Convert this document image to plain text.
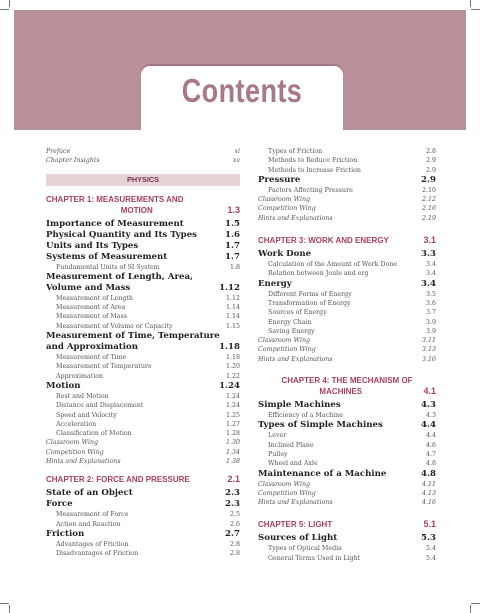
Contents
Preface	xi
Chapter Insights	xv
PHYSICS
CHAPTER 1: MEASUREMENTS AND
MOTION	1.3
Importance of Measurement	1.5
Physical Quantity and Its Types	1.6
Units and Its Types	1.7
Systems of Measurement	1.7
Fundamental Units of SI System	1.8
Measurement of Length, Area,
Volume and Mass	1.12
Measurement of Length	1.12
Measurement of Area	1.14
Measurement of Mass	1.14
Measurement of Volume or Capacity	1.15
Measurement of Time, Temperature
and Approximation	1.18
Measurement of Time	1.18
Measurement of Temperature	1.20
Approximation	1.22
Motion	1.24
Rest and Motion	1.24
Distance and Displacement	1.24
Speed and Velocity	1.25
Acceleration	1.27
Classification of Motion	1.28
Classroom Wing	1.30
Competition Wing	1.34
Hints and Explanations	1.38
CHAPTER 2: FORCE AND PRESSURE	2.1
State of an Object	2.3
Force	2.3
Measurement of Force	2.5
Action and Reaction	2.6
Friction	2.7
Advantages of Friction	2.8
Disadvantages of Friction	2.8
Types of Friction	2.8
Methods to Reduce Friction	2.9
Methods to Increase Friction	2.9
Pressure	2.9
Factors Affecting Pressure	2.10
Classroom Wing	2.12
Competition Wing	2.16
Hints and Explanations	2.19
CHAPTER 3: WORK AND ENERGY	3.1
Work Done	3.3
Calculation of the Amount of Work Done	3.4
Relation between Joule and erg	3.4
Energy	3.4
Different Forms of Energy	3.5
Transformation of Energy	3.6
Sources of Energy	3.7
Energy Chain	3.9
Saving Energy	3.9
Classroom Wing	3.11
Competition Wing	3.13
Hints and Explanations	3.16
CHAPTER 4: THE MECHANISM OF
MACHINES	4.1
Simple Machines	4.3
Efficiency of a Machine	4.3
Types of Simple Machines	4.4
Lever	4.4
Inclined Plane	4.6
Pulley	4.7
Wheel and Axle	4.8
Maintenance of a Machine	4.8
Classroom Wing	4.11
Competition Wing	4.13
Hints and Explanations	4.16
CHAPTER 5: LIGHT	5.1
Sources of Light	5.3
Types of Optical Media	5.4
General Terms Used in Light	5.4
